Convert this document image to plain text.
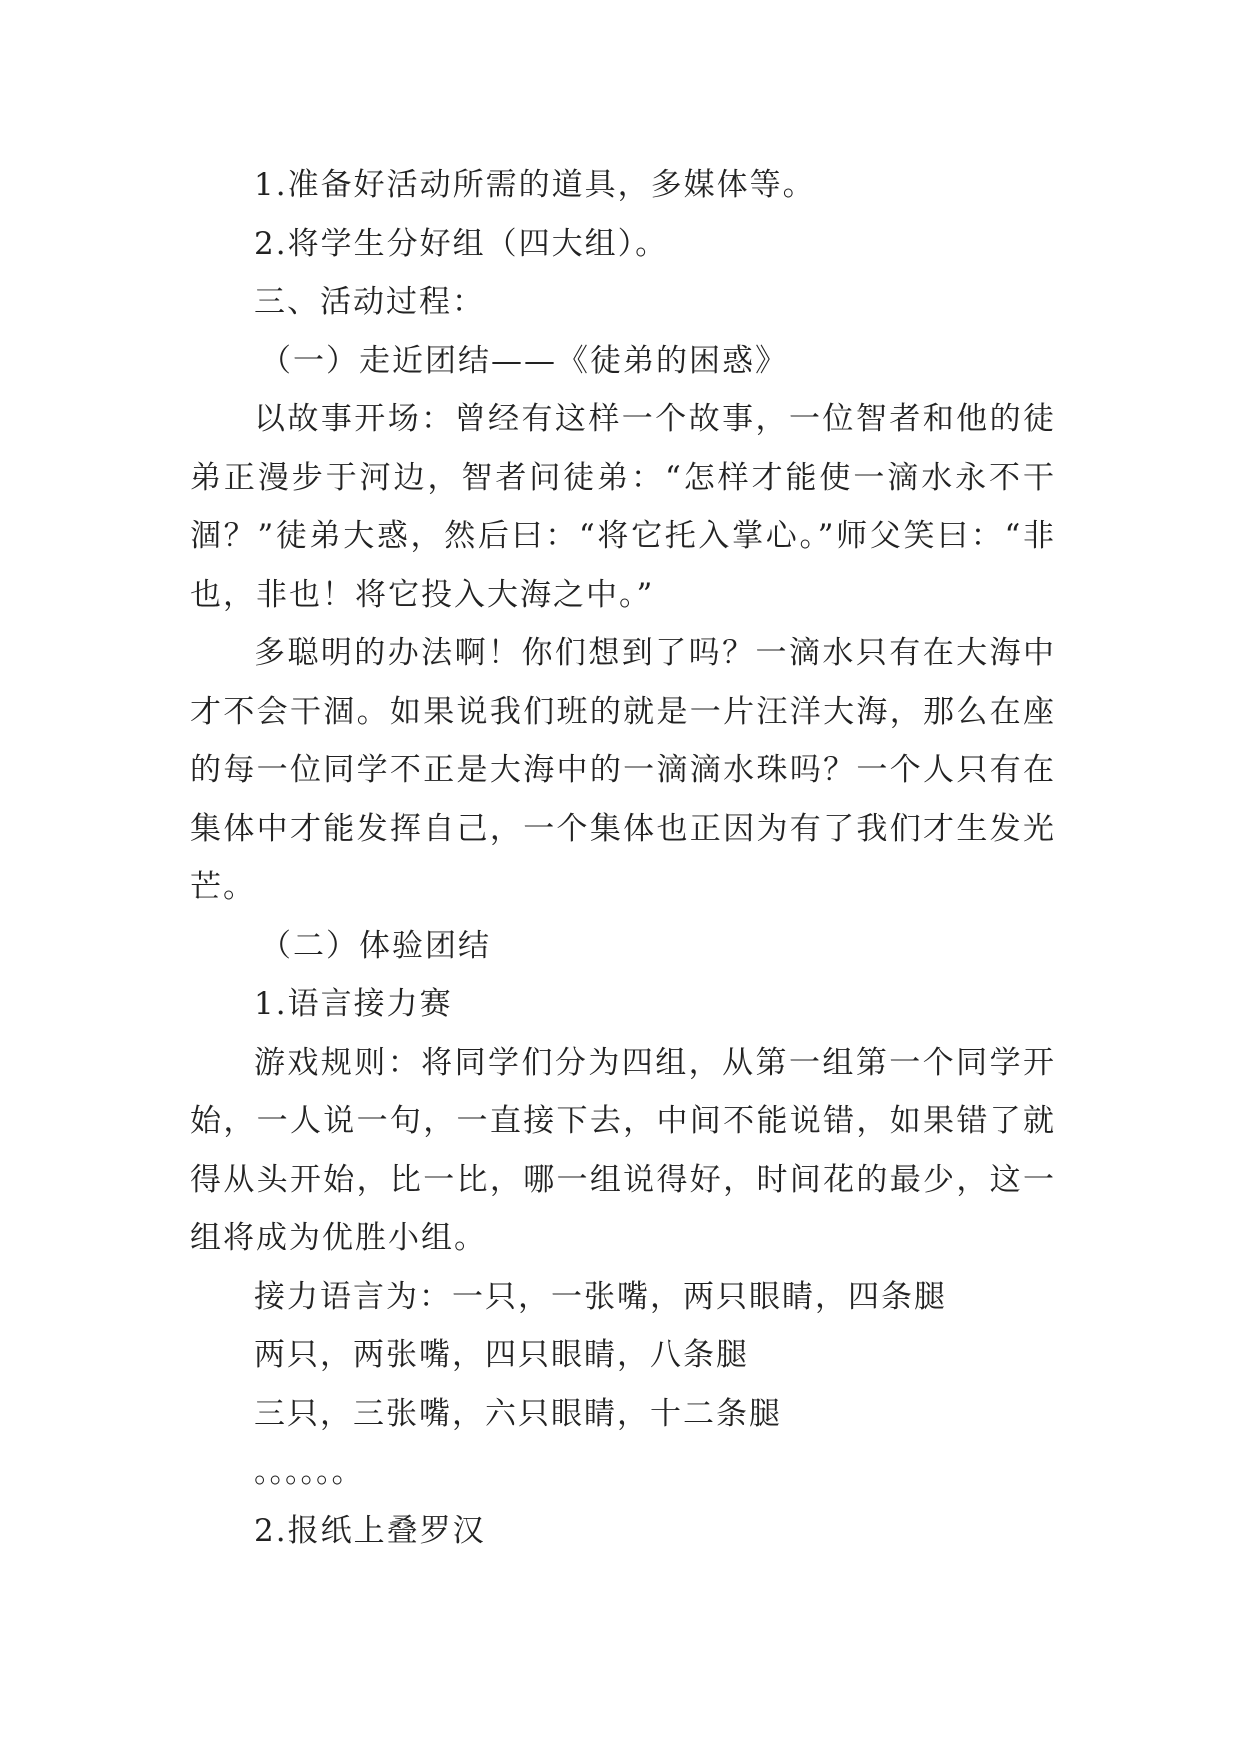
1.准备好活动所需的道具，多媒体等。

2.将学生分好组（四大组）。

三、活动过程：

（一）走近团结——《徒弟的困惑》

以故事开场：曾经有这样一个故事，一位智者和他的徒弟正漫步于河边，智者问徒弟：“怎样才能使一滴水永不干涸？”徒弟大惑，然后曰：“将它托入掌心。”师父笑曰：“非也，非也！将它投入大海之中。”

多聪明的办法啊！你们想到了吗？一滴水只有在大海中才不会干涸。如果说我们班的就是一片汪洋大海，那么在座的每一位同学不正是大海中的一滴滴水珠吗？一个人只有在集体中才能发挥自己，一个集体也正因为有了我们才生发光芒。

（二）体验团结

1.语言接力赛

游戏规则：将同学们分为四组，从第一组第一个同学开始，一人说一句，一直接下去，中间不能说错，如果错了就得从头开始，比一比，哪一组说得好，时间花的最少，这一组将成为优胜小组。

接力语言为：一只，一张嘴，两只眼睛，四条腿

两只，两张嘴，四只眼睛，八条腿

三只，三张嘴，六只眼睛，十二条腿

。。。。。。

2.报纸上叠罗汉
